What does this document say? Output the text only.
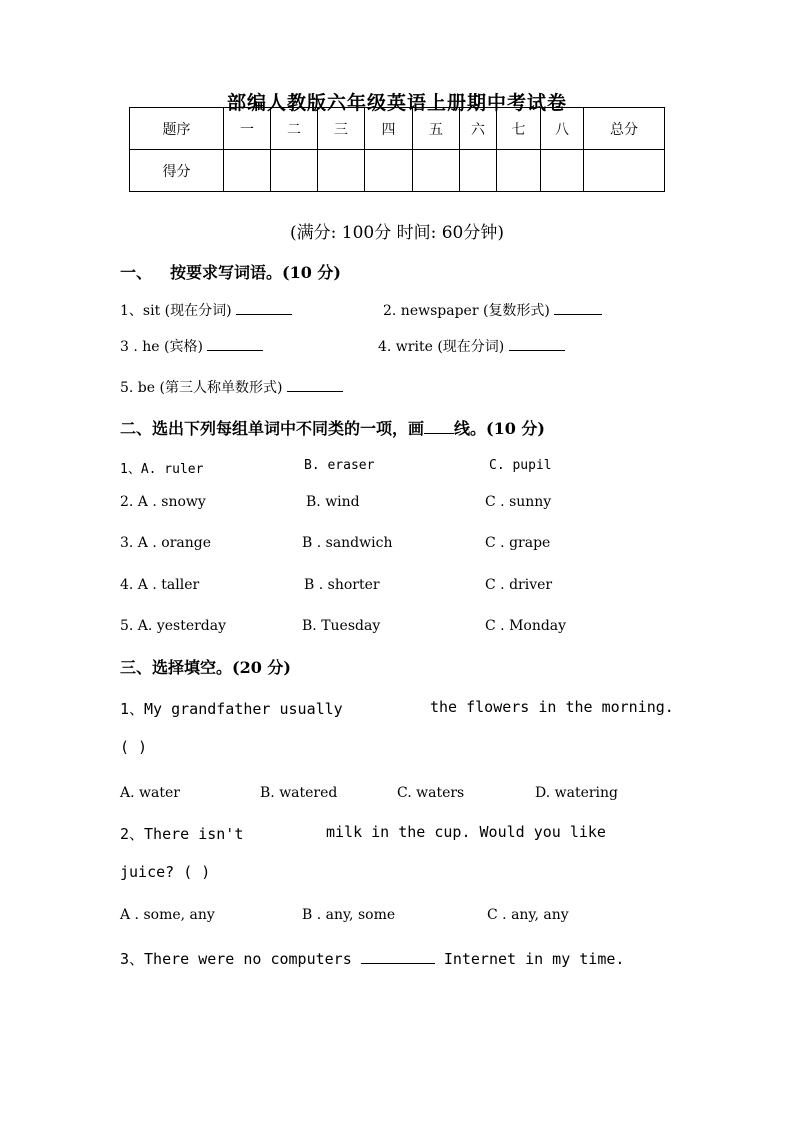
部编人教版六年级英语上册期中考试卷
题序	一	二	三	四	五	六	七	八	总分
得分									
(满分: 100分 时间: 60分钟)
一、 按要求写词语。(10 分)
1、sit (现在分词)	2. newspaper (复数形式)
3 . he (宾格)	4. write (现在分词)
5. be (第三人称单数形式)
二、选出下列每组单词中不同类的一项，画 线。(10 分)
1、A. ruler	B. eraser	C. pupil
2. A . snowy	B. wind	C . sunny
3. A . orange	B . sandwich	C . grape
4. A . taller	B . shorter	C . driver
5. A. yesterday	B. Tuesday	C . Monday
三、选择填空。(20 分)
1、My grandfather usually	the flowers in the morning.
( )
A. water	B. watered	C. waters	D. watering
2、There isn't	milk in the cup. Would you like
juice? ( )
A . some, any	B . any, some	C . any, any
3、There were no computers	Internet in my time.
